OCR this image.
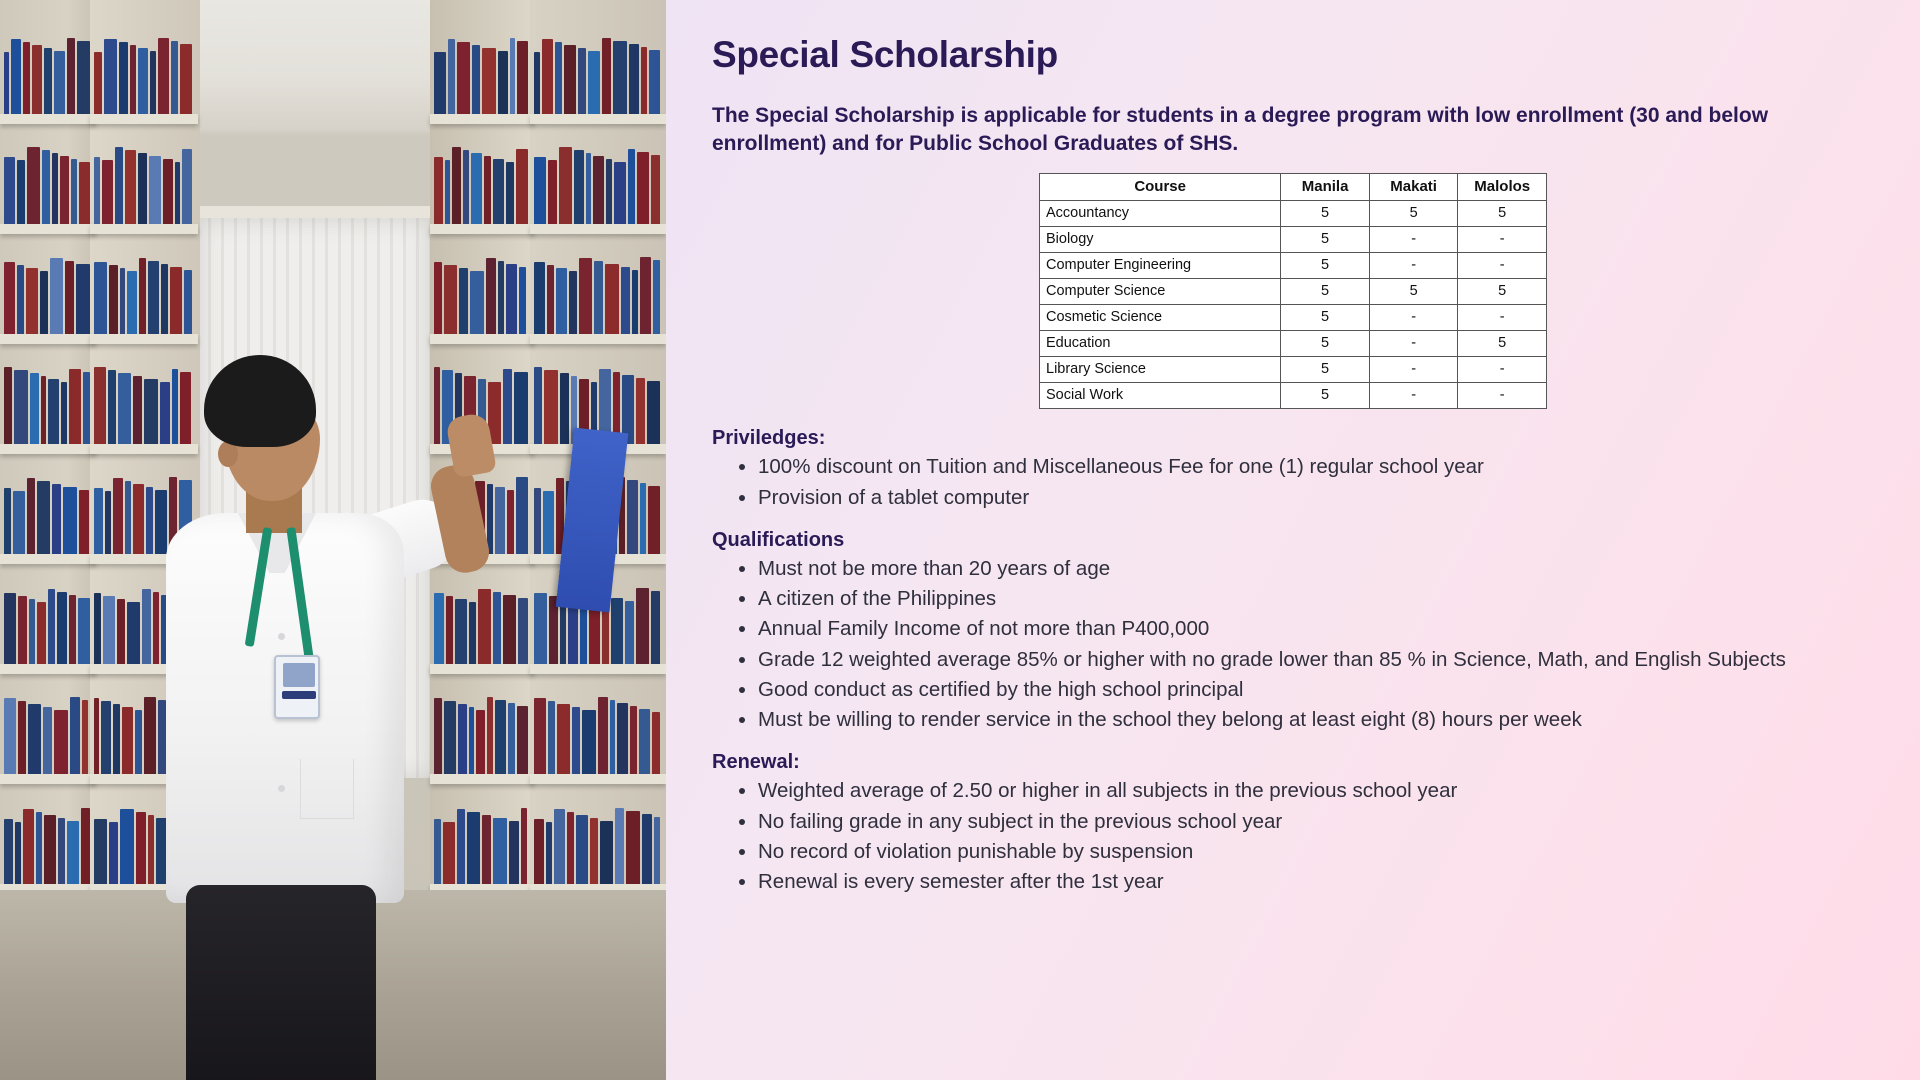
Special Scholarship

The Special Scholarship is applicable for students in a degree program with low enrollment (30 and below enrollment) and for Public School Graduates of SHS.

Course	Manila	Makati	Malolos
Accountancy	5	5	5
Biology	5	-	-
Computer Engineering	5	-	-
Computer Science	5	5	5
Cosmetic Science	5	-	-
Education	5	-	5
Library Science	5	-	-
Social Work	5	-	-
Priviledges:
• 100% discount on Tuition and Miscellaneous Fee for one (1) regular school year
• Provision of a tablet computer
Qualifications
• Must not be more than 20 years of age
• A citizen of the Philippines
• Annual Family Income of not more than P400,000
• Grade 12 weighted average 85% or higher with no grade lower than 85 % in Science, Math, and English Subjects
• Good conduct as certified by the high school principal
• Must be willing to render service in the school they belong at least eight (8) hours per week
Renewal:
• Weighted average of 2.50 or higher in all subjects in the previous school year
• No failing grade in any subject in the previous school year
• No record of violation punishable by suspension
• Renewal is every semester after the 1st year
